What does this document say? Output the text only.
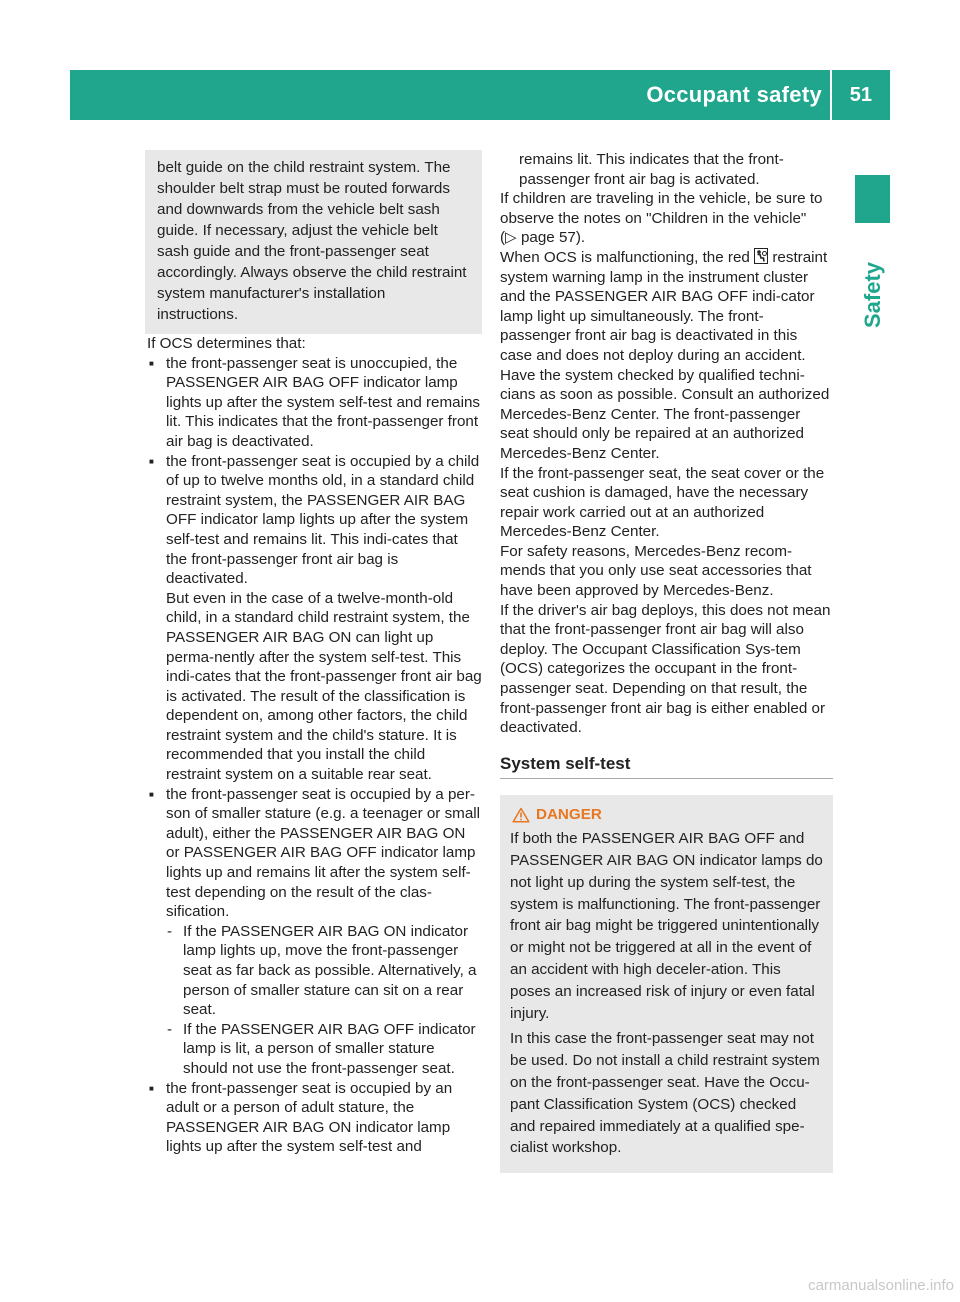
Occupant safety 51
Safety

belt guide on the child restraint system. The shoulder belt strap must be routed forwards and downwards from the vehicle belt sash guide. If necessary, adjust the vehicle belt sash guide and the front-passenger seat accordingly. Always observe the child restraint system manufacturer's installation instructions.

If OCS determines that:

■ the front-passenger seat is unoccupied, the PASSENGER AIR BAG OFF indicator lamp lights up after the system self-test and remains lit. This indicates that the front-passenger front air bag is deactivated.

■ the front-passenger seat is occupied by a child of up to twelve months old, in a standard child restraint system, the PASSENGER AIR BAG OFF indicator lamp lights up after the system self-test and remains lit. This indi-cates that the front-passenger front air bag is deactivated.

But even in the case of a twelve-month-old child, in a standard child restraint system, the PASSENGER AIR BAG ON can light up perma-nently after the system self-test. This indi-cates that the front-passenger front air bag is activated. The result of the classification is dependent on, among other factors, the child restraint system and the child's stature. It is recommended that you install the child restraint system on a suitable rear seat.

■ the front-passenger seat is occupied by a per-son of smaller stature (e.g. a teenager or small adult), either the PASSENGER AIR BAG ON or PASSENGER AIR BAG OFF indicator lamp lights up and remains lit after the system self-test depending on the result of the clas-sification.

- If the PASSENGER AIR BAG ON indicator lamp lights up, move the front-passenger seat as far back as possible. Alternatively, a person of smaller stature can sit on a rear seat.

- If the PASSENGER AIR BAG OFF indicator lamp is lit, a person of smaller stature should not use the front-passenger seat.

■ the front-passenger seat is occupied by an adult or a person of adult stature, the PASSENGER AIR BAG ON indicator lamp lights up after the system self-test and

remains lit. This indicates that the front-passenger front air bag is activated.

If children are traveling in the vehicle, be sure to observe the notes on "Children in the vehicle"
(▷ page 57).

When OCS is malfunctioning, the red restraint system warning lamp in the instrument cluster and the PASSENGER AIR BAG OFF indi-cator lamp light up simultaneously. The front-passenger front air bag is deactivated in this case and does not deploy during an accident. Have the system checked by qualified techni-cians as soon as possible. Consult an authorized Mercedes-Benz Center. The front-passenger seat should only be repaired at an authorized Mercedes-Benz Center.

If the front-passenger seat, the seat cover or the seat cushion is damaged, have the necessary repair work carried out at an authorized Mercedes-Benz Center.

For safety reasons, Mercedes-Benz recom-mends that you only use seat accessories that have been approved by Mercedes-Benz.

If the driver's air bag deploys, this does not mean that the front-passenger front air bag will also deploy. The Occupant Classification Sys-tem (OCS) categorizes the occupant in the front-passenger seat. Depending on that result, the front-passenger front air bag is either enabled or deactivated.

System self-test
DANGER

If both the PASSENGER AIR BAG OFF and PASSENGER AIR BAG ON indicator lamps do not light up during the system self-test, the system is malfunctioning. The front-passenger front air bag might be triggered unintentionally or might not be triggered at all in the event of an accident with high deceler-ation. This poses an increased risk of injury or even fatal injury.

In this case the front-passenger seat may not be used. Do not install a child restraint system on the front-passenger seat. Have the Occu-pant Classification System (OCS) checked and repaired immediately at a qualified spe-cialist workshop.

carmanualsonline.info
